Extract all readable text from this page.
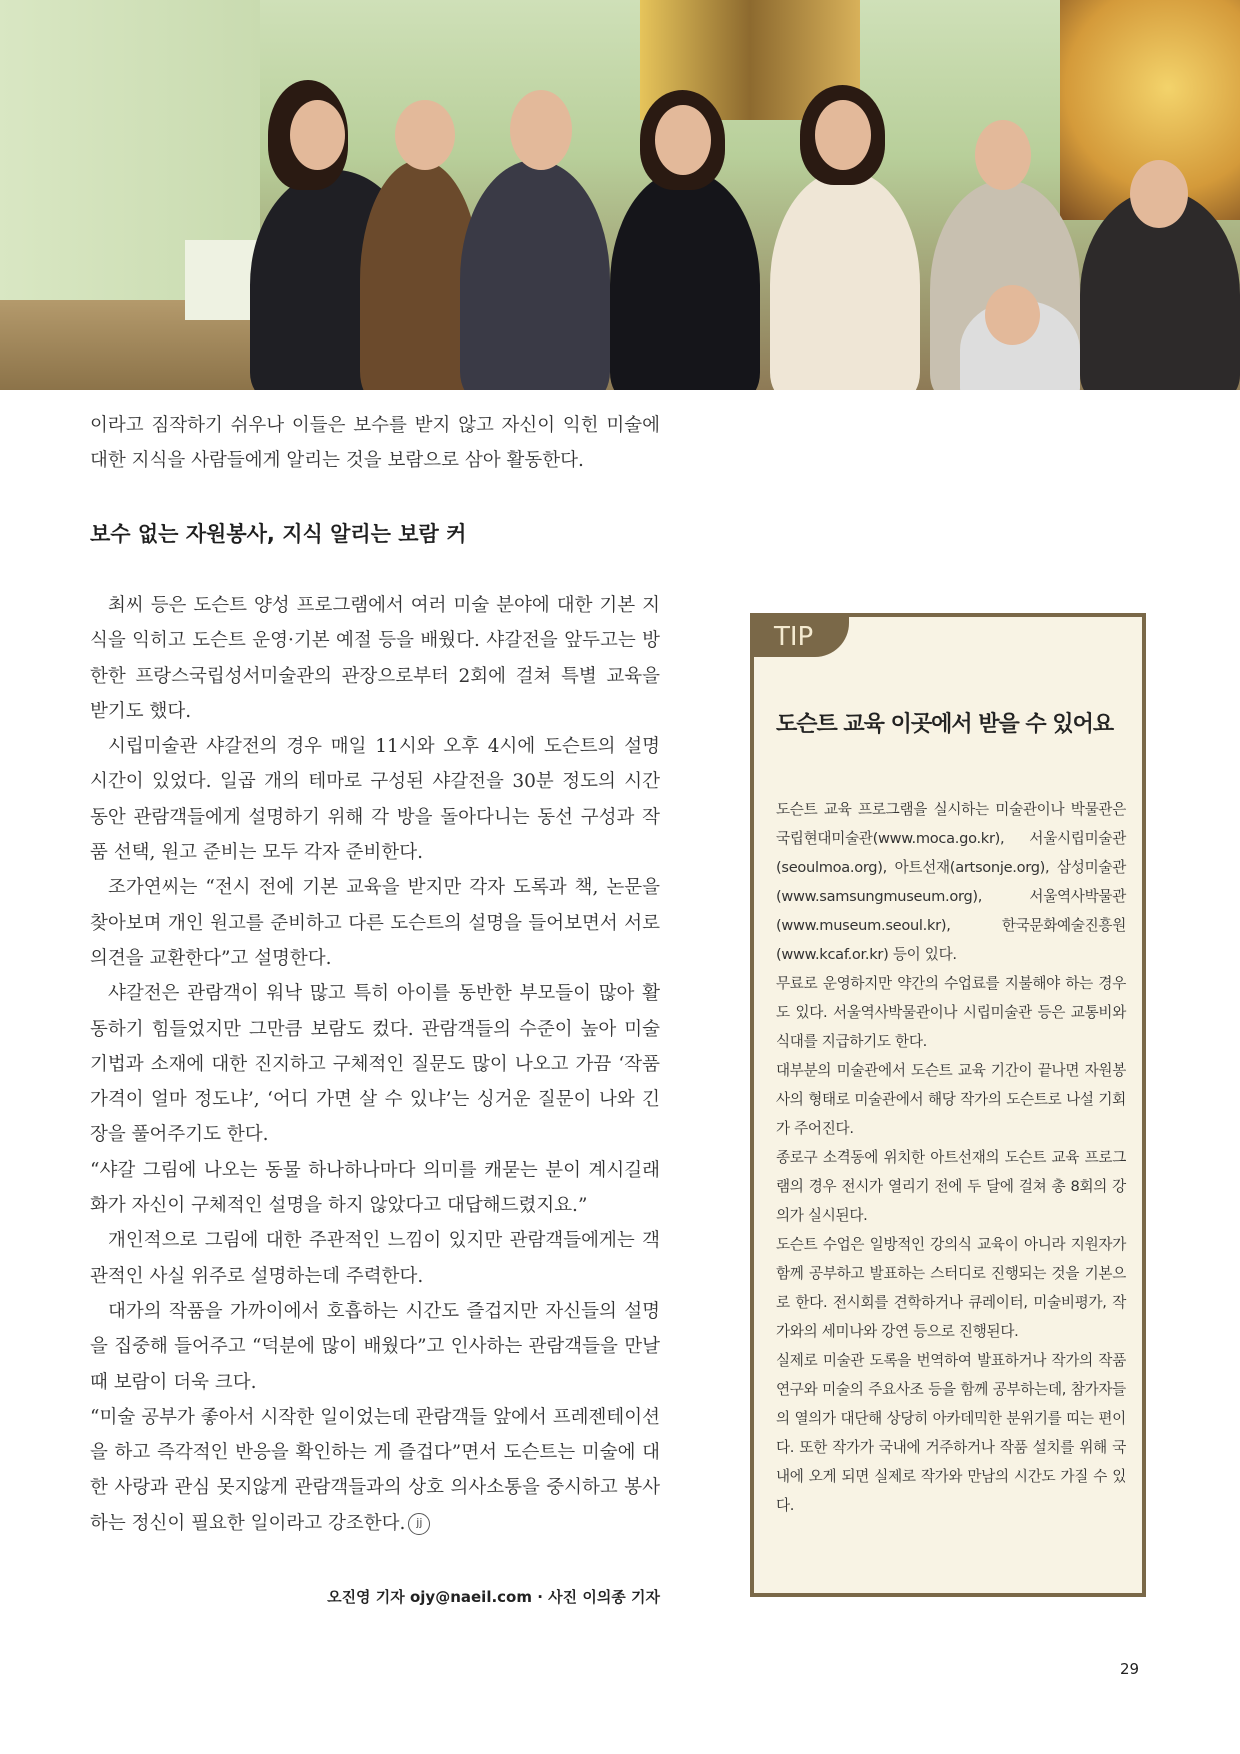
이라고 짐작하기 쉬우나 이들은 보수를 받지 않고 자신이 익힌 미술에 대한 지식을 사람들에게 알리는 것을 보람으로 삼아 활동한다.

보수 없는 자원봉사, 지식 알리는 보람 커

최씨 등은 도슨트 양성 프로그램에서 여러 미술 분야에 대한 기본 지식을 익히고 도슨트 운영·기본 예절 등을 배웠다. 샤갈전을 앞두고는 방한한 프랑스국립성서미술관의 관장으로부터 2회에 걸쳐 특별 교육을 받기도 했다.

시립미술관 샤갈전의 경우 매일 11시와 오후 4시에 도슨트의 설명 시간이 있었다. 일곱 개의 테마로 구성된 샤갈전을 30분 정도의 시간 동안 관람객들에게 설명하기 위해 각 방을 돌아다니는 동선 구성과 작품 선택, 원고 준비는 모두 각자 준비한다.

조가연씨는 “전시 전에 기본 교육을 받지만 각자 도록과 책, 논문을 찾아보며 개인 원고를 준비하고 다른 도슨트의 설명을 들어보면서 서로 의견을 교환한다”고 설명한다.

샤갈전은 관람객이 워낙 많고 특히 아이를 동반한 부모들이 많아 활동하기 힘들었지만 그만큼 보람도 컸다. 관람객들의 수준이 높아 미술 기법과 소재에 대한 진지하고 구체적인 질문도 많이 나오고 가끔 ‘작품 가격이 얼마 정도냐’, ‘어디 가면 살 수 있냐’는 싱거운 질문이 나와 긴장을 풀어주기도 한다.

“샤갈 그림에 나오는 동물 하나하나마다 의미를 캐묻는 분이 계시길래 화가 자신이 구체적인 설명을 하지 않았다고 대답해드렸지요.”

개인적으로 그림에 대한 주관적인 느낌이 있지만 관람객들에게는 객관적인 사실 위주로 설명하는데 주력한다.

대가의 작품을 가까이에서 호흡하는 시간도 즐겁지만 자신들의 설명을 집중해 들어주고 “덕분에 많이 배웠다”고 인사하는 관람객들을 만날 때 보람이 더욱 크다.

“미술 공부가 좋아서 시작한 일이었는데 관람객들 앞에서 프레젠테이션을 하고 즉각적인 반응을 확인하는 게 즐겁다”면서 도슨트는 미술에 대한 사랑과 관심 못지않게 관람객들과의 상호 의사소통을 중시하고 봉사하는 정신이 필요한 일이라고 강조한다. jj

오진영 기자 ojy@naeil.com · 사진 이의종 기자
TIP
도슨트 교육 이곳에서 받을 수 있어요

도슨트 교육 프로그램을 실시하는 미술관이나 박물관은 국립현대미술관(www.moca.go.kr), 서울시립미술관(seoulmoa.org), 아트선재(artsonje.org), 삼성미술관(www.samsungmuseum.org), 서울역사박물관(www.museum.seoul.kr), 한국문화예술진흥원(www.kcaf.or.kr) 등이 있다.

무료로 운영하지만 약간의 수업료를 지불해야 하는 경우도 있다. 서울역사박물관이나 시립미술관 등은 교통비와 식대를 지급하기도 한다.

대부분의 미술관에서 도슨트 교육 기간이 끝나면 자원봉사의 형태로 미술관에서 해당 작가의 도슨트로 나설 기회가 주어진다.

종로구 소격동에 위치한 아트선재의 도슨트 교육 프로그램의 경우 전시가 열리기 전에 두 달에 걸쳐 총 8회의 강의가 실시된다.

도슨트 수업은 일방적인 강의식 교육이 아니라 지원자가 함께 공부하고 발표하는 스터디로 진행되는 것을 기본으로 한다. 전시회를 견학하거나 큐레이터, 미술비평가, 작가와의 세미나와 강연 등으로 진행된다.

실제로 미술관 도록을 번역하여 발표하거나 작가의 작품연구와 미술의 주요사조 등을 함께 공부하는데, 참가자들의 열의가 대단해 상당히 아카데믹한 분위기를 띠는 편이다. 또한 작가가 국내에 거주하거나 작품 설치를 위해 국내에 오게 되면 실제로 작가와 만남의 시간도 가질 수 있다.

29
